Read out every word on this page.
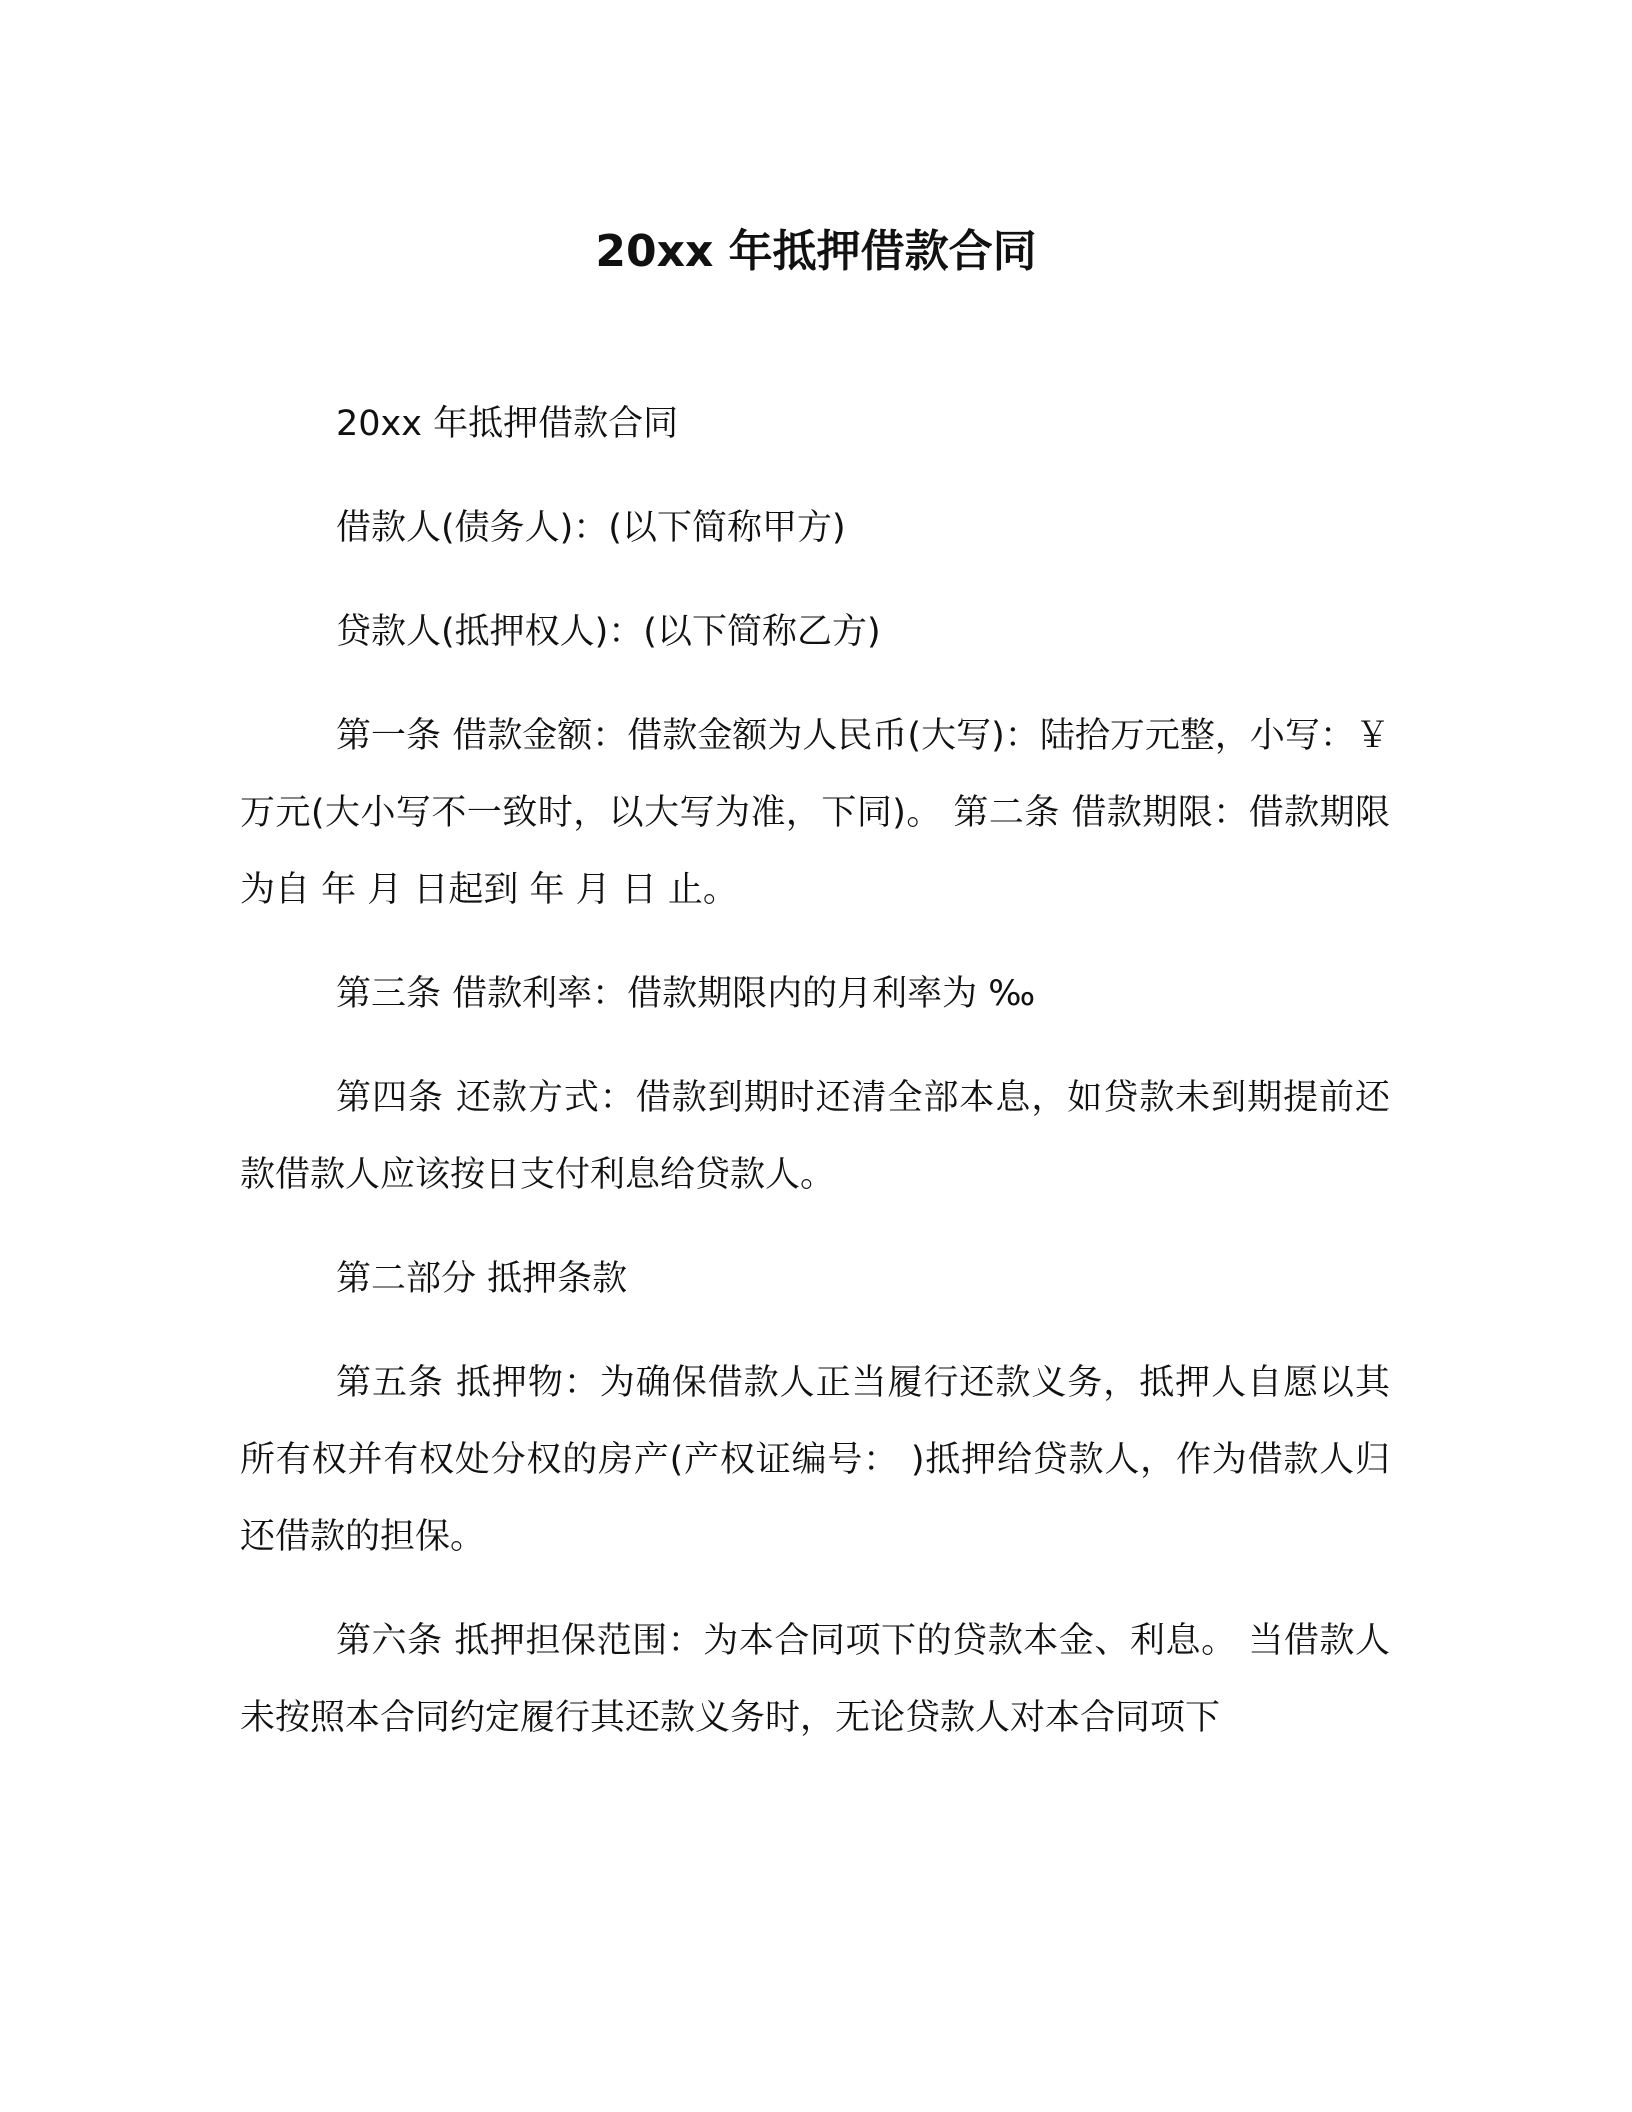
20xx 年抵押借款合同

20xx 年抵押借款合同

借款人(债务人)：(以下简称甲方)

贷款人(抵押权人)：(以下简称乙方)

第一条 借款金额：借款金额为人民币(大写)：陆拾万元整，小写：￥ 万元(大小写不一致时，以大写为准，下同)。 第二条 借款期限：借款期限为自 年 月 日起到 年 月 日 止。

第三条 借款利率：借款期限内的月利率为 ‰

第四条 还款方式：借款到期时还清全部本息，如贷款未到期提前还款借款人应该按日支付利息给贷款人。

第二部分 抵押条款

第五条 抵押物：为确保借款人正当履行还款义务，抵押人自愿以其所有权并有权处分权的房产(产权证编号： )抵押给贷款人，作为借款人归还借款的担保。

第六条 抵押担保范围：为本合同项下的贷款本金、利息。 当借款人未按照本合同约定履行其还款义务时，无论贷款人对本合同项下
